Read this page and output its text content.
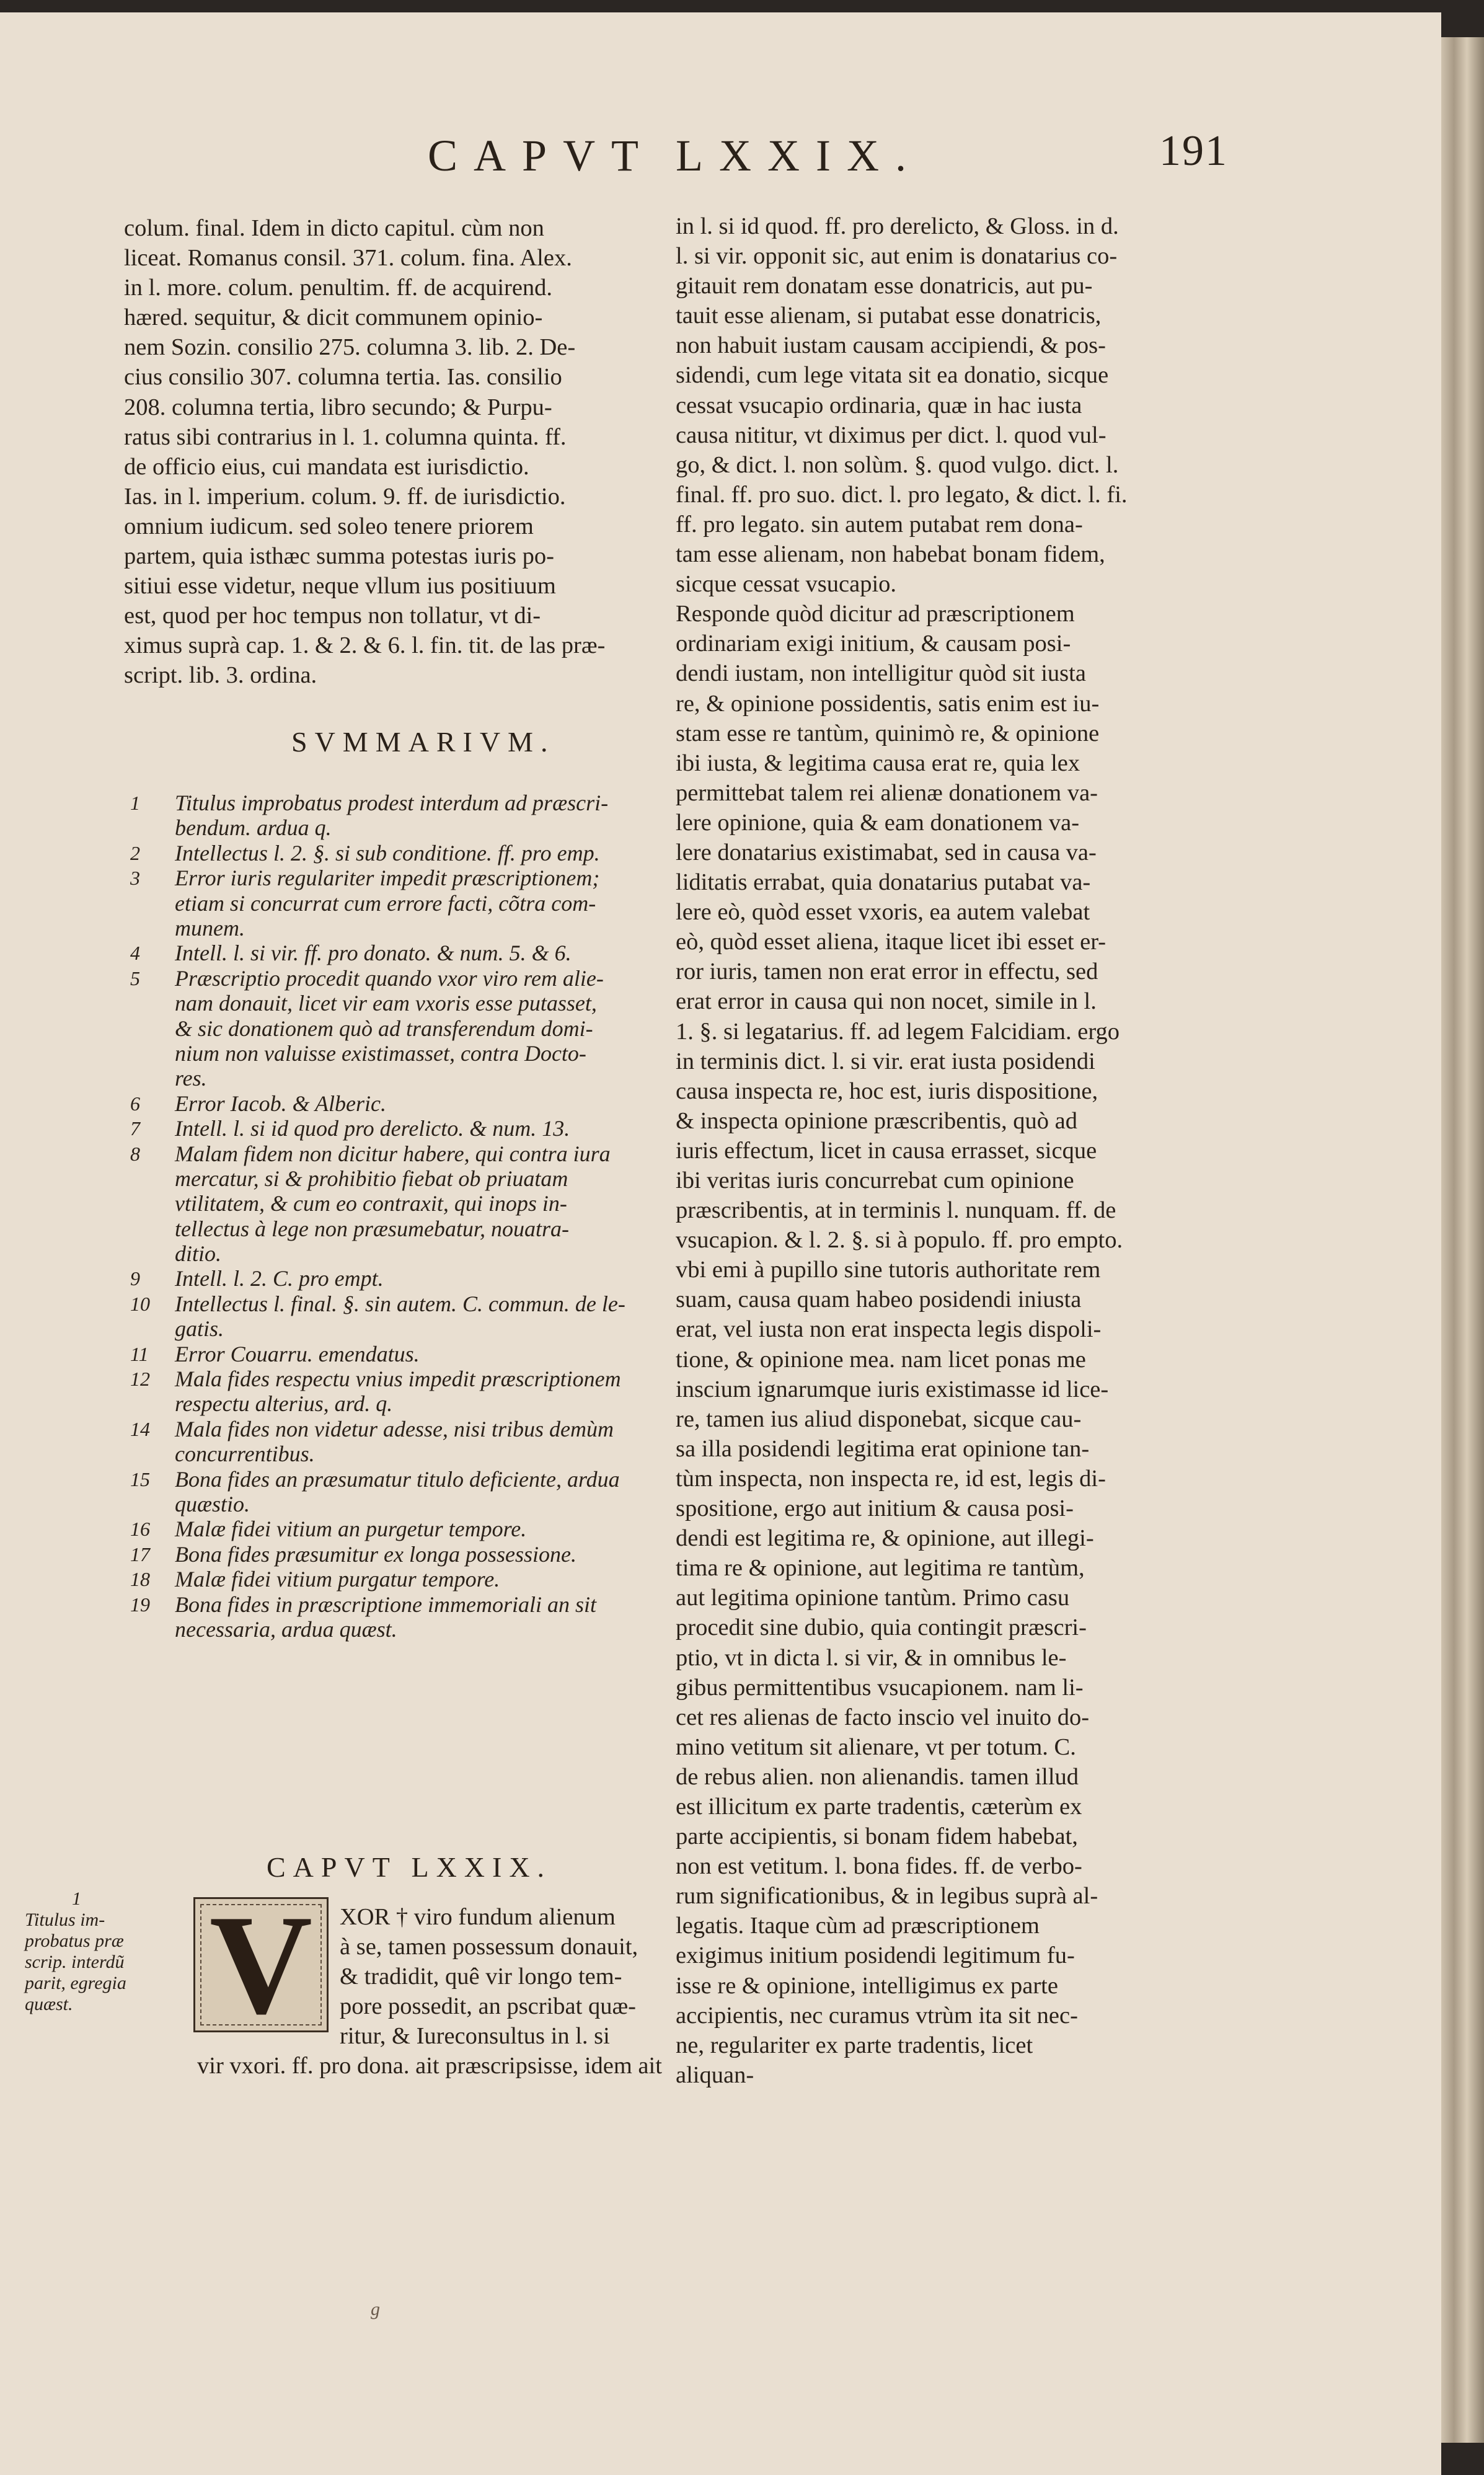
CAPVT LXXIX.	191
colum. final. Idem in dicto capitul. cùm non
liceat. Romanus consil. 371. colum. fina. Alex.
in l. more. colum. penultim. ff. de acquirend.
hæred. sequitur, & dicit communem opinio-
nem Sozin. consilio 275. columna 3. lib. 2. De-
cius consilio 307. columna tertia. Ias. consilio
208. columna tertia, libro secundo; & Purpu-
ratus sibi contrarius in l. 1. columna quinta. ff.
de officio eius, cui mandata est iurisdictio.
Ias. in l. imperium. colum. 9. ff. de iurisdictio.
omnium iudicum. sed soleo tenere priorem
partem, quia isthæc summa potestas iuris po-
sitiui esse videtur, neque vllum ius positiuum
est, quod per hoc tempus non tollatur, vt di-
ximus suprà cap. 1. & 2. & 6. l. fin. tit. de las præ-
script. lib. 3. ordina.
SVMMARIVM.
1	Titulus improbatus prodest interdum ad præscri-
bendum. ardua q.
2	Intellectus l. 2. §. si sub conditione. ff. pro emp.
3	Error iuris regulariter impedit præscriptionem;
etiam si concurrat cum errore facti, cõtra com-
munem.
4	Intell. l. si vir. ff. pro donato. & num. 5. & 6.
5	Præscriptio procedit quando vxor viro rem alie-
nam donauit, licet vir eam vxoris esse putasset,
& sic donationem quò ad transferendum domi-
nium non valuisse existimasset, contra Docto-
res.
6	Error Iacob. & Alberic.
7	Intell. l. si id quod pro derelicto. & num. 13.
8	Malam fidem non dicitur habere, qui contra iura
mercatur, si & prohibitio fiebat ob priuatam
vtilitatem, & cum eo contraxit, qui inops in-
tellectus à lege non præsumebatur, nouatra-
ditio.
9	Intell. l. 2. C. pro empt.
10	Intellectus l. final. §. sin autem. C. commun. de le-
gatis.
11	Error Couarru. emendatus.
12	Mala fides respectu vnius impedit præscriptionem
respectu alterius, ard. q.
14	Mala fides non videtur adesse, nisi tribus demùm
concurrentibus.
15	Bona fides an præsumatur titulo deficiente, ardua
quæstio.
16	Malæ fidei vitium an purgetur tempore.
17	Bona fides præsumitur ex longa possessione.
18	Malæ fidei vitium purgatur tempore.
19	Bona fides in præscriptione immemoriali an sit
necessaria, ardua quæst.
CAPVT LXXIX.
V XOR † viro fundum alienum
à se, tamen possessum donauit,
& tradidit, quê vir longo tem-
pore possedit, an pscribat quæ-
ritur, & Iureconsultus in l. si
vir vxori. ff. pro dona. ait præscripsisse, idem ait
1
Titulus im-
probatus præ
scrip. interdũ
parit, egregia
quæst.
in l. si id quod. ff. pro derelicto, & Gloss. in d.
l. si vir. opponit sic, aut enim is donatarius co-
gitauit rem donatam esse donatricis, aut pu-
tauit esse alienam, si putabat esse donatricis,
non habuit iustam causam accipiendi, & pos-
sidendi, cum lege vitata sit ea donatio, sicque
cessat vsucapio ordinaria, quæ in hac iusta
causa nititur, vt diximus per dict. l. quod vul-
go, & dict. l. non solùm. §. quod vulgo. dict. l.
final. ff. pro suo. dict. l. pro legato, & dict. l. fi.
ff. pro legato. sin autem putabat rem dona-
tam esse alienam, non habebat bonam fidem,
sicque cessat vsucapio.
Responde quòd dicitur ad præscriptionem
ordinariam exigi initium, & causam posi-
dendi iustam, non intelligitur quòd sit iusta
re, & opinione possidentis, satis enim est iu-
stam esse re tantùm, quinimò re, & opinione
ibi iusta, & legitima causa erat re, quia lex
permittebat talem rei alienæ donationem va-
lere opinione, quia & eam donationem va-
lere donatarius existimabat, sed in causa va-
liditatis errabat, quia donatarius putabat va-
lere eò, quòd esset vxoris, ea autem valebat
eò, quòd esset aliena, itaque licet ibi esset er-
ror iuris, tamen non erat error in effectu, sed
erat error in causa qui non nocet, simile in l.
1. §. si legatarius. ff. ad legem Falcidiam. ergo
in terminis dict. l. si vir. erat iusta posidendi
causa inspecta re, hoc est, iuris dispositione,
& inspecta opinione præscribentis, quò ad
iuris effectum, licet in causa errasset, sicque
ibi veritas iuris concurrebat cum opinione
præscribentis, at in terminis l. nunquam. ff. de
vsucapion. & l. 2. §. si à populo. ff. pro empto.
vbi emi à pupillo sine tutoris authoritate rem
suam, causa quam habeo posidendi iniusta
erat, vel iusta non erat inspecta legis dispoli-
tione, & opinione mea. nam licet ponas me
inscium ignarumque iuris existimasse id lice-
re, tamen ius aliud disponebat, sicque cau-
sa illa posidendi legitima erat opinione tan-
tùm inspecta, non inspecta re, id est, legis di-
spositione, ergo aut initium & causa posi-
dendi est legitima re, & opinione, aut illegi-
tima re & opinione, aut legitima re tantùm,
aut legitima opinione tantùm. Primo casu
procedit sine dubio, quia contingit præscri-
ptio, vt in dicta l. si vir, & in omnibus le-
gibus permittentibus vsucapionem. nam li-
cet res alienas de facto inscio vel inuito do-
mino vetitum sit alienare, vt per totum. C.
de rebus alien. non alienandis. tamen illud
est illicitum ex parte tradentis, cæterùm ex
parte accipientis, si bonam fidem habebat,
non est vetitum. l. bona fides. ff. de verbo-
rum significationibus, & in legibus suprà al-
legatis. Itaque cùm ad præscriptionem
exigimus initium posidendi legitimum fu-
isse re & opinione, intelligimus ex parte
accipientis, nec curamus vtrùm ita sit nec-
ne, regulariter ex parte tradentis, licet
aliquan-
g
